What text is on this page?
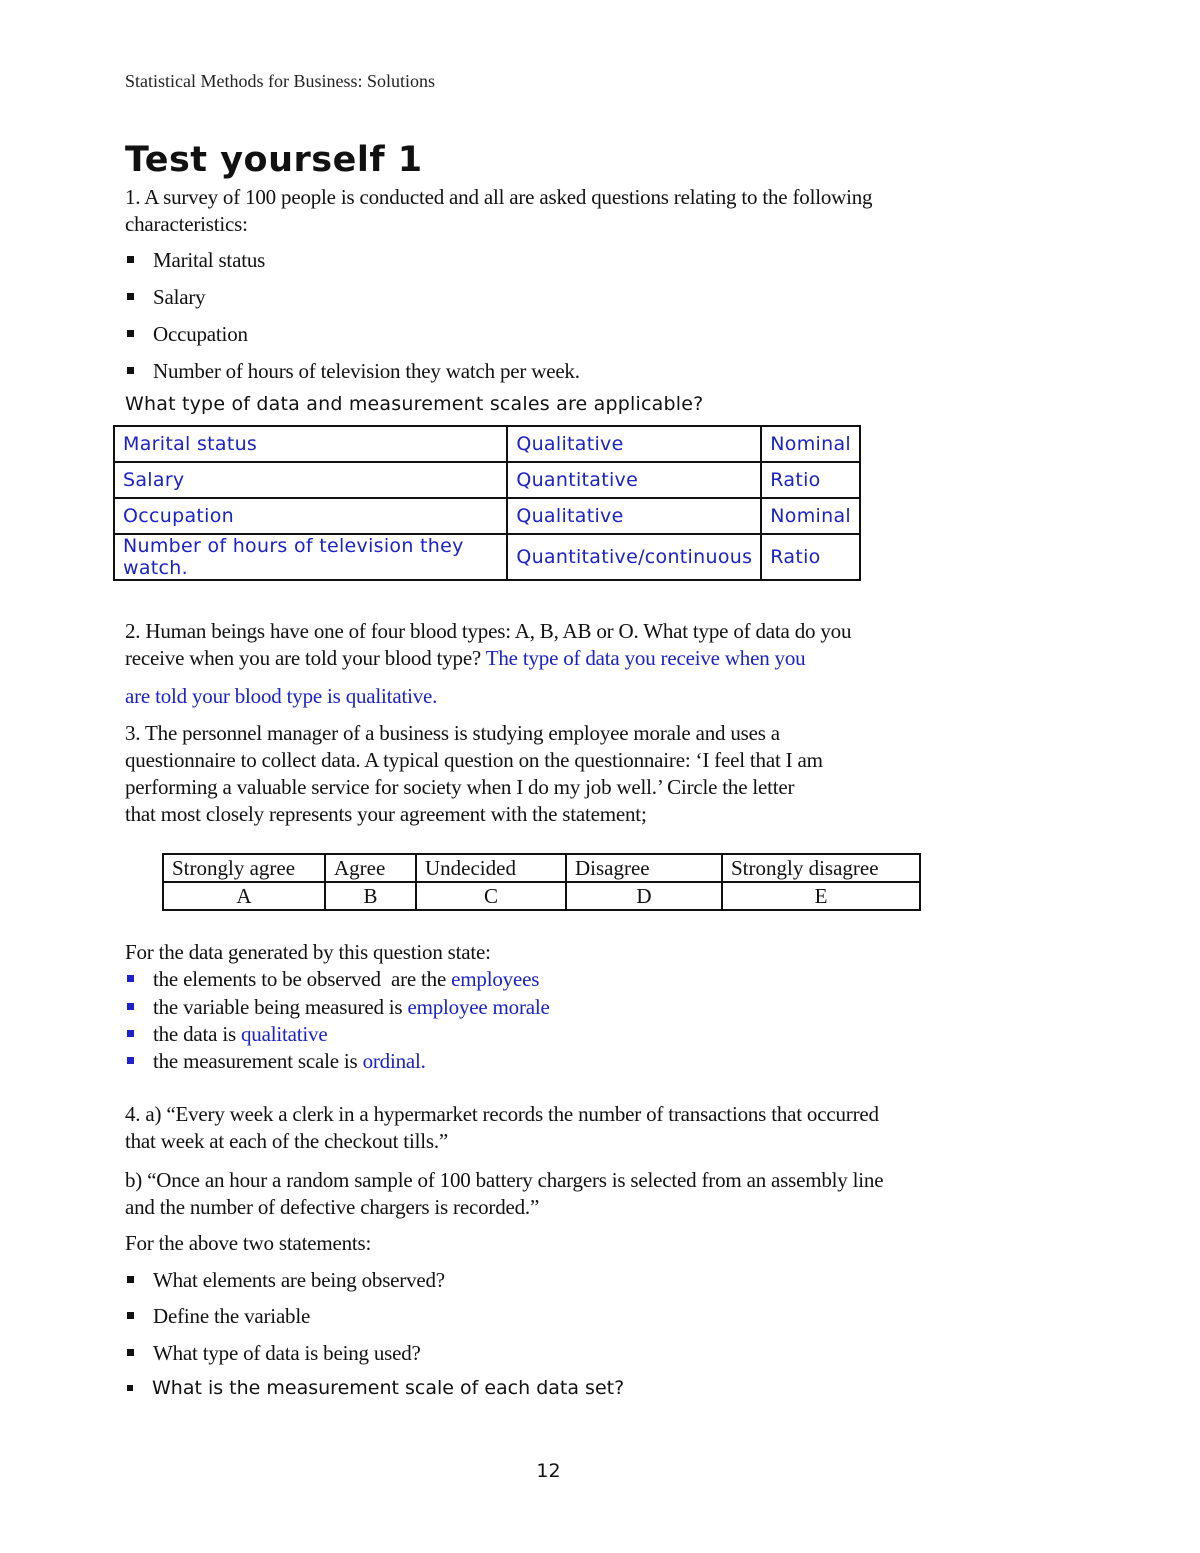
Statistical Methods for Business: Solutions
Test yourself 1
1. A survey of 100 people is conducted and all are asked questions relating to the following
characteristics:
Marital status
Salary
Occupation
Number of hours of television they watch per week.
What type of data and measurement scales are applicable?
Marital status	Qualitative	Nominal
Salary	Quantitative	Ratio
Occupation	Qualitative	Nominal
Number of hours of television they watch.	Quantitative/continuous	Ratio
2. Human beings have one of four blood types: A, B, AB or O. What type of data do you
receive when you are told your blood type? The type of data you receive when you
are told your blood type is qualitative.
3. The personnel manager of a business is studying employee morale and uses a
questionnaire to collect data. A typical question on the questionnaire: ‘I feel that I am
performing a valuable service for society when I do my job well.’ Circle the letter
that most closely represents your agreement with the statement;
Strongly agree	Agree	Undecided	Disagree	Strongly disagree
A	B	C	D	E
For the data generated by this question state:
the elements to be observed  are the employees
the variable being measured is employee morale
the data is qualitative
the measurement scale is ordinal.
4. a) “Every week a clerk in a hypermarket records the number of transactions that occurred
that week at each of the checkout tills.”
b) “Once an hour a random sample of 100 battery chargers is selected from an assembly line
and the number of defective chargers is recorded.”
For the above two statements:
What elements are being observed?
Define the variable
What type of data is being used?
What is the measurement scale of each data set?
12
